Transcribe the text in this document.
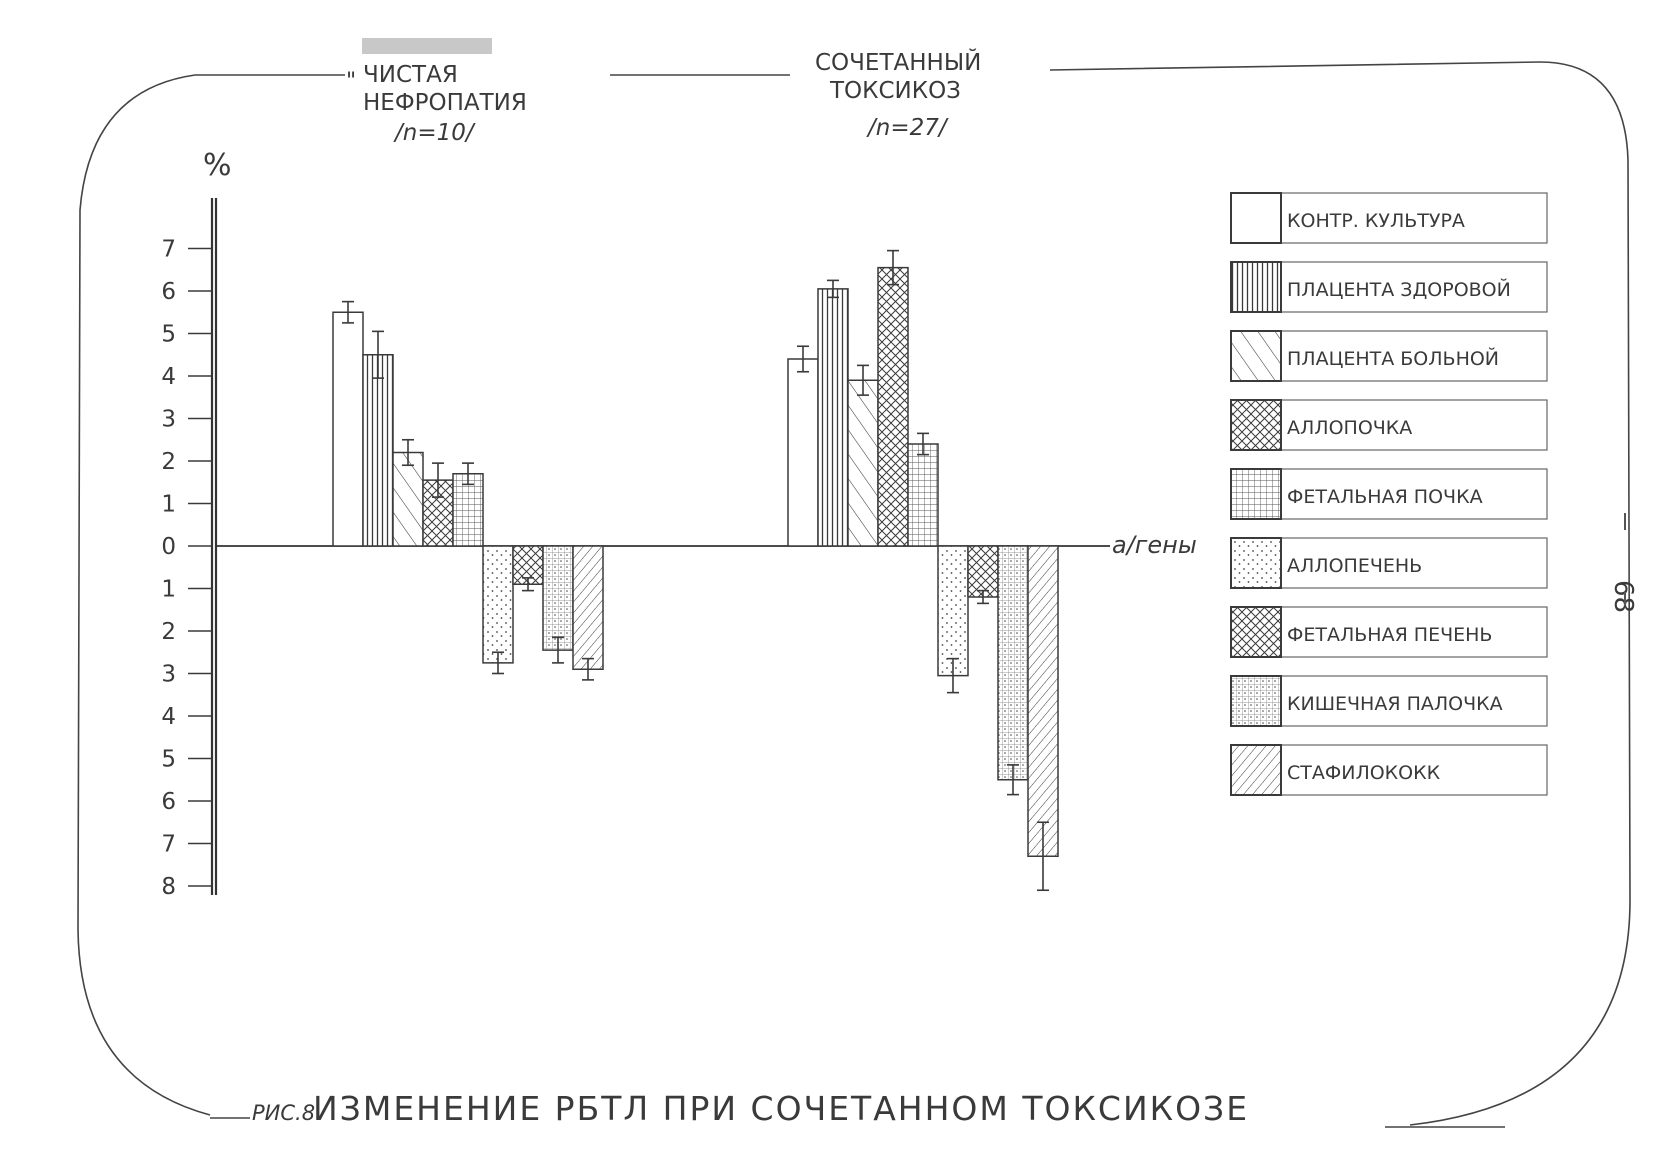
68
" ЧИСТАЯ
НЕФРОПАТИЯ
/n=10/
СОЧЕТАННЫЙ
ТОКСИКОЗ
/n=27/
%
7
6
5
4
3
2
1
0
1
2
3
4
5
6
7
8
а/гены
КОНТР. КУЛЬТУРА
ПЛАЦЕНТА ЗДОРОВОЙ
ПЛАЦЕНТА БОЛЬНОЙ
АЛЛОПОЧКА
ФЕТАЛЬНАЯ ПОЧКА
АЛЛОПЕЧЕНЬ
ФЕТАЛЬНАЯ ПЕЧЕНЬ
КИШЕЧНАЯ ПАЛОЧКА
СТАФИЛОКОКК
РИС.8
ИЗМЕНЕНИЕ РБТЛ ПРИ СОЧЕТАННОМ ТОКСИКОЗЕ
